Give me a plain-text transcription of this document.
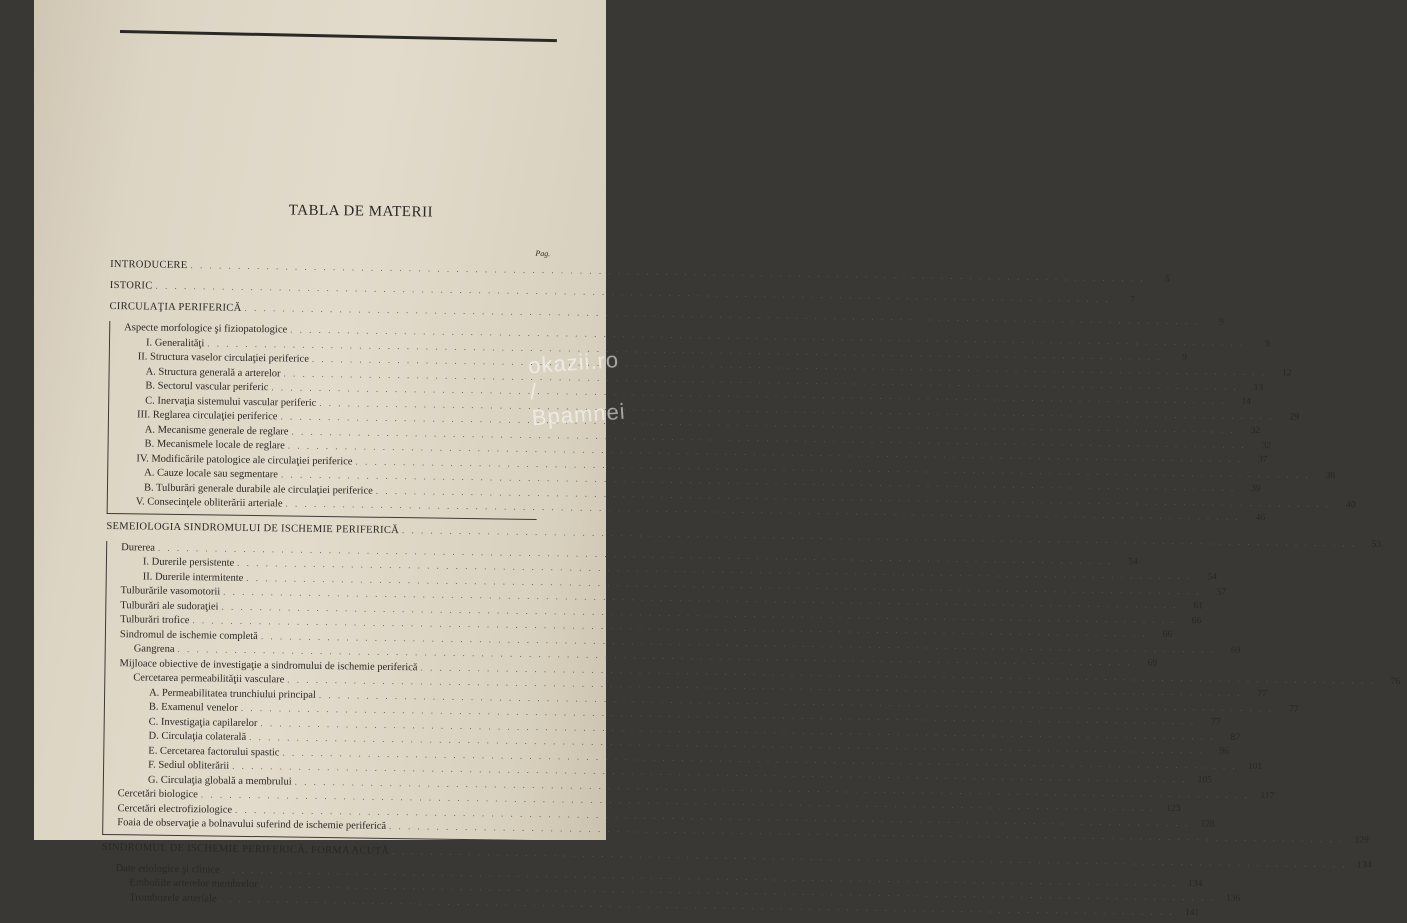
okazii.ro / Bpamnei
TABLA DE MATERII
Pag.
INTRODUCERE
. . .
5
ISTORIC
. . .
7
CIRCULAŢIA PERIFERICĂ
. . .
9
Aspecte morfologice şi fiziopatologice
. . .
9
I. Generalităţi
. . .
9
II. Structura vaselor circulaţiei periferice
. . .
12
A. Structura generală a arterelor
. . .
13
B. Sectorul vascular periferic
. . .
14
C. Inervaţia sistemului vascular periferic
. . .
29
III. Reglarea circulaţiei periferice
. . .
32
A. Mecanisme generale de reglare
. . .
32
B. Mecanismele locale de reglare
. . .
37
IV. Modificările patologice ale circulaţiei periferice
. . .
38
A. Cauze locale sau segmentare
. . .
39
B. Tulburări generale durabile ale circulaţiei periferice
. . .
40
V. Consecinţele obliterării arteriale
. . .
46
SEMEIOLOGIA SINDROMULUI DE ISCHEMIE PERIFERICĂ
. . .
53
Durerea
. . .
54
I. Durerile persistente
. . .
54
II. Durerile intermitente
. . .
57
Tulburările vasomotorii
. . .
61
Tulburări ale sudoraţiei
. . .
66
Tulburări trofice
. . .
66
Sindromul de ischemie completă
. . .
69
Gangrena
. . .
69
Mijloace obiective de investigaţie a sindromului de ischemie periferică
. . .
76
Cercetarea permeabilităţii vasculare
. . .
77
A. Permeabilitatea trunchiului principal
. . .
77
B. Examenul venelor
. . .
77
C. Investigaţia capilarelor
. . .
87
D. Circulaţia colaterală
. . .
96
E. Cercetarea factorului spastic
. . .
101
F. Sediul obliterării
. . .
105
G. Circulaţia globală a membrului
. . .
117
Cercetări biologice
. . .
123
Cercetări electrofiziologice
. . .
128
Foaia de observaţie a bolnavului suferind de ischemie periferică
. . .
129
SINDROMUL DE ISCHEMIE PERIFERICĂ. FORMA ACUTĂ
. . .
134
Date etiologice şi clinice
. . .
134
Emboliile arterelor membrelor
. . .
136
Trombozele arteriale
. . .
141
